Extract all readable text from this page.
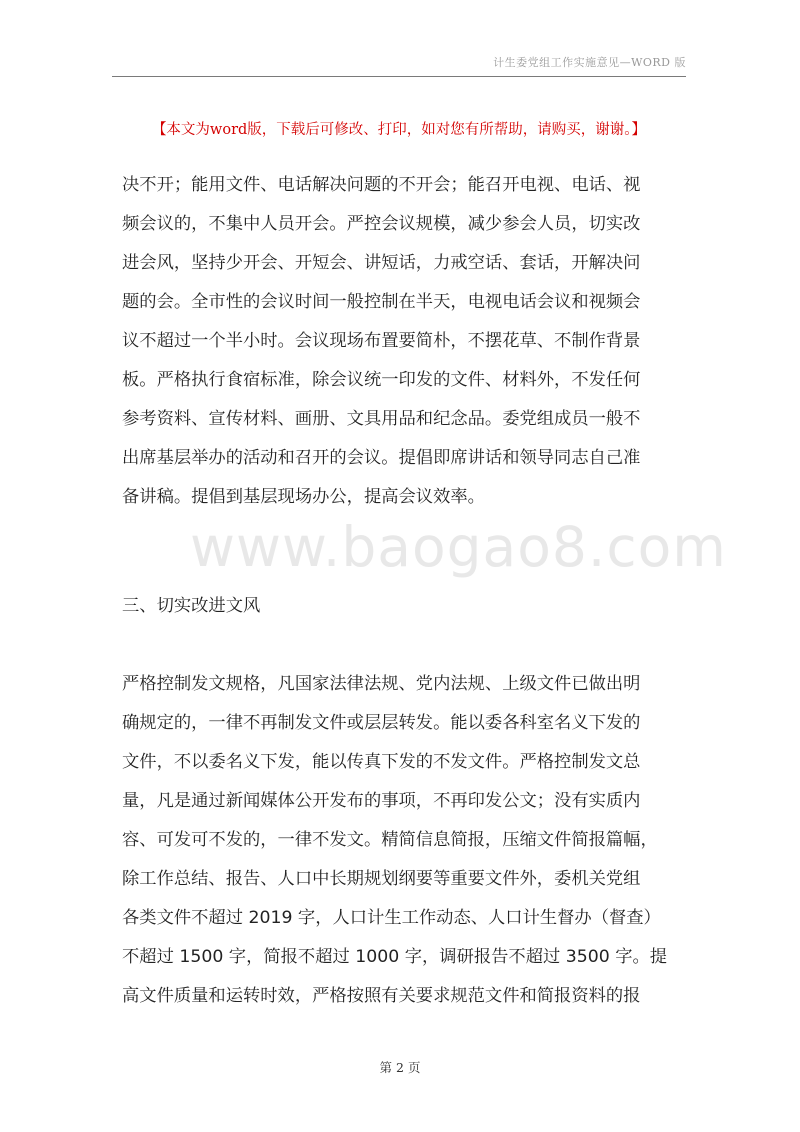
计生委党组工作实施意见—WORD 版
【本文为word版，下载后可修改、打印，如对您有所帮助，请购买，谢谢。】
决不开；能用文件、电话解决问题的不开会；能召开电视、电话、视
频会议的，不集中人员开会。严控会议规模，减少参会人员，切实改
进会风，坚持少开会、开短会、讲短话，力戒空话、套话，开解决问
题的会。全市性的会议时间一般控制在半天，电视电话会议和视频会
议不超过一个半小时。会议现场布置要简朴，不摆花草、不制作背景
板。严格执行食宿标准，除会议统一印发的文件、材料外，不发任何
参考资料、宣传材料、画册、文具用品和纪念品。委党组成员一般不
出席基层举办的活动和召开的会议。提倡即席讲话和领导同志自己准
备讲稿。提倡到基层现场办公，提高会议效率。
www.baogao8.com
三、切实改进文风
严格控制发文规格，凡国家法律法规、党内法规、上级文件已做出明
确规定的，一律不再制发文件或层层转发。能以委各科室名义下发的
文件，不以委名义下发，能以传真下发的不发文件。严格控制发文总
量，凡是通过新闻媒体公开发布的事项，不再印发公文；没有实质内
容、可发可不发的，一律不发文。精简信息简报，压缩文件简报篇幅，
除工作总结、报告、人口中长期规划纲要等重要文件外，委机关党组
各类文件不超过 2019 字，人口计生工作动态、人口计生督办（督查）
不超过 1500 字，简报不超过 1000 字，调研报告不超过 3500 字。提
高文件质量和运转时效，严格按照有关要求规范文件和简报资料的报
第 2 页
